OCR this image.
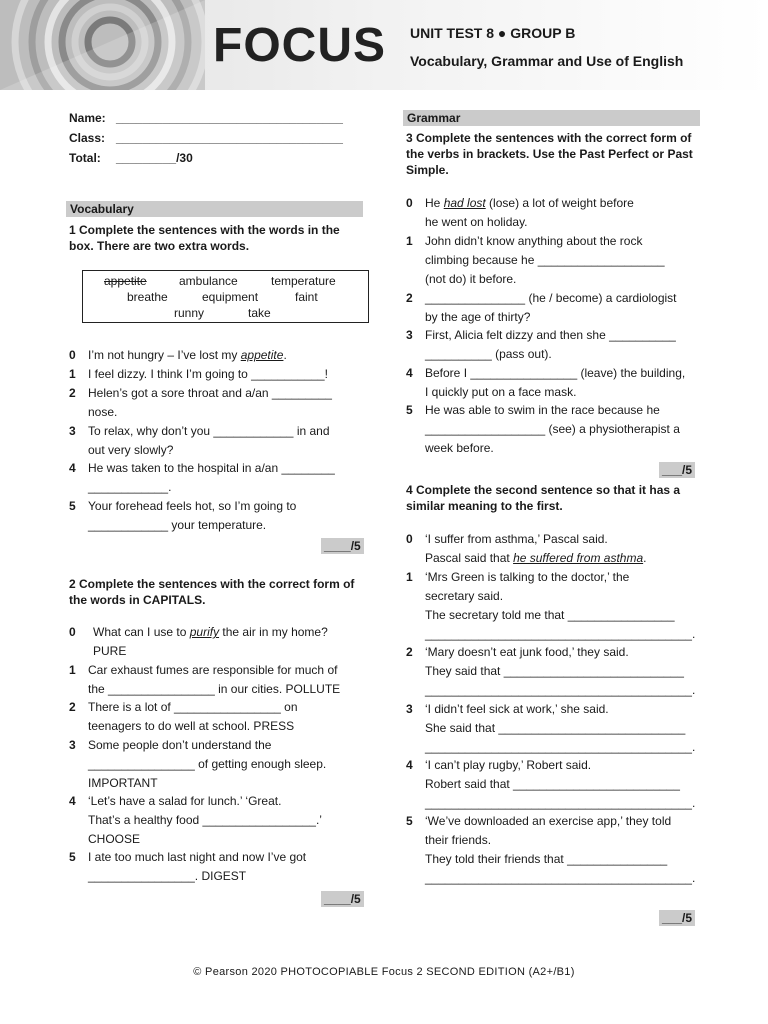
FOCUS UNIT TEST 8 ● GROUP B
Vocabulary, Grammar and Use of English
Name: __________________________________
Class: __________________________________
Total: _________/30
Vocabulary
1 Complete the sentences with the words in the box. There are two extra words.
appetite	ambulance	temperature
breathe	equipment	faint
runny	take
0 I’m not hungry – I’ve lost my appetite.
1 I feel dizzy. I think I’m going to ___________!
2 Helen’s got a sore throat and a/an _________
nose.
3 To relax, why don’t you ____________ in and
out very slowly?
4 He was taken to the hospital in a/an ________
____________.
5 Your forehead feels hot, so I’m going to
____________ your temperature.
____/5
2 Complete the sentences with the correct form of the words in CAPITALS.
0 What can I use to purify the air in my home?
PURE
1 Car exhaust fumes are responsible for much of
the ________________ in our cities. POLLUTE
2 There is a lot of ________________ on
teenagers to do well at school. PRESS
3 Some people don’t understand the
________________ of getting enough sleep.
IMPORTANT
4 ‘Let’s have a salad for lunch.’ ‘Great.
That’s a healthy food _________________.’
CHOOSE
5 I ate too much last night and now I’ve got
________________. DIGEST
____/5
Grammar
3 Complete the sentences with the correct form of the verbs in brackets. Use the Past Perfect or Past Simple.
0 He had lost (lose) a lot of weight before
he went on holiday.
1 John didn’t know anything about the rock
climbing because he ___________________
(not do) it before.
2 _______________ (he / become) a cardiologist
by the age of thirty?
3 First, Alicia felt dizzy and then she __________
__________ (pass out).
4 Before I ________________ (leave) the building,
I quickly put on a face mask.
5 He was able to swim in the race because he
__________________ (see) a physiotherapist a
week before.
___/5
4 Complete the second sentence so that it has a similar meaning to the first.
0 ‘I suffer from asthma,’ Pascal said.
Pascal said that he suffered from asthma.
1 ‘Mrs Green is talking to the doctor,’ the
secretary said.
The secretary told me that ________________
________________________________________.
2 ‘Mary doesn’t eat junk food,’ they said.
They said that ___________________________
________________________________________.
3 ‘I didn’t feel sick at work,’ she said.
She said that ____________________________
________________________________________.
4 ‘I can’t play rugby,’ Robert said.
Robert said that _________________________
________________________________________.
5 ‘We’ve downloaded an exercise app,’ they told
their friends.
They told their friends that _______________
________________________________________.
___/5
© Pearson 2020 PHOTOCOPIABLE Focus 2 SECOND EDITION (A2+/B1)
